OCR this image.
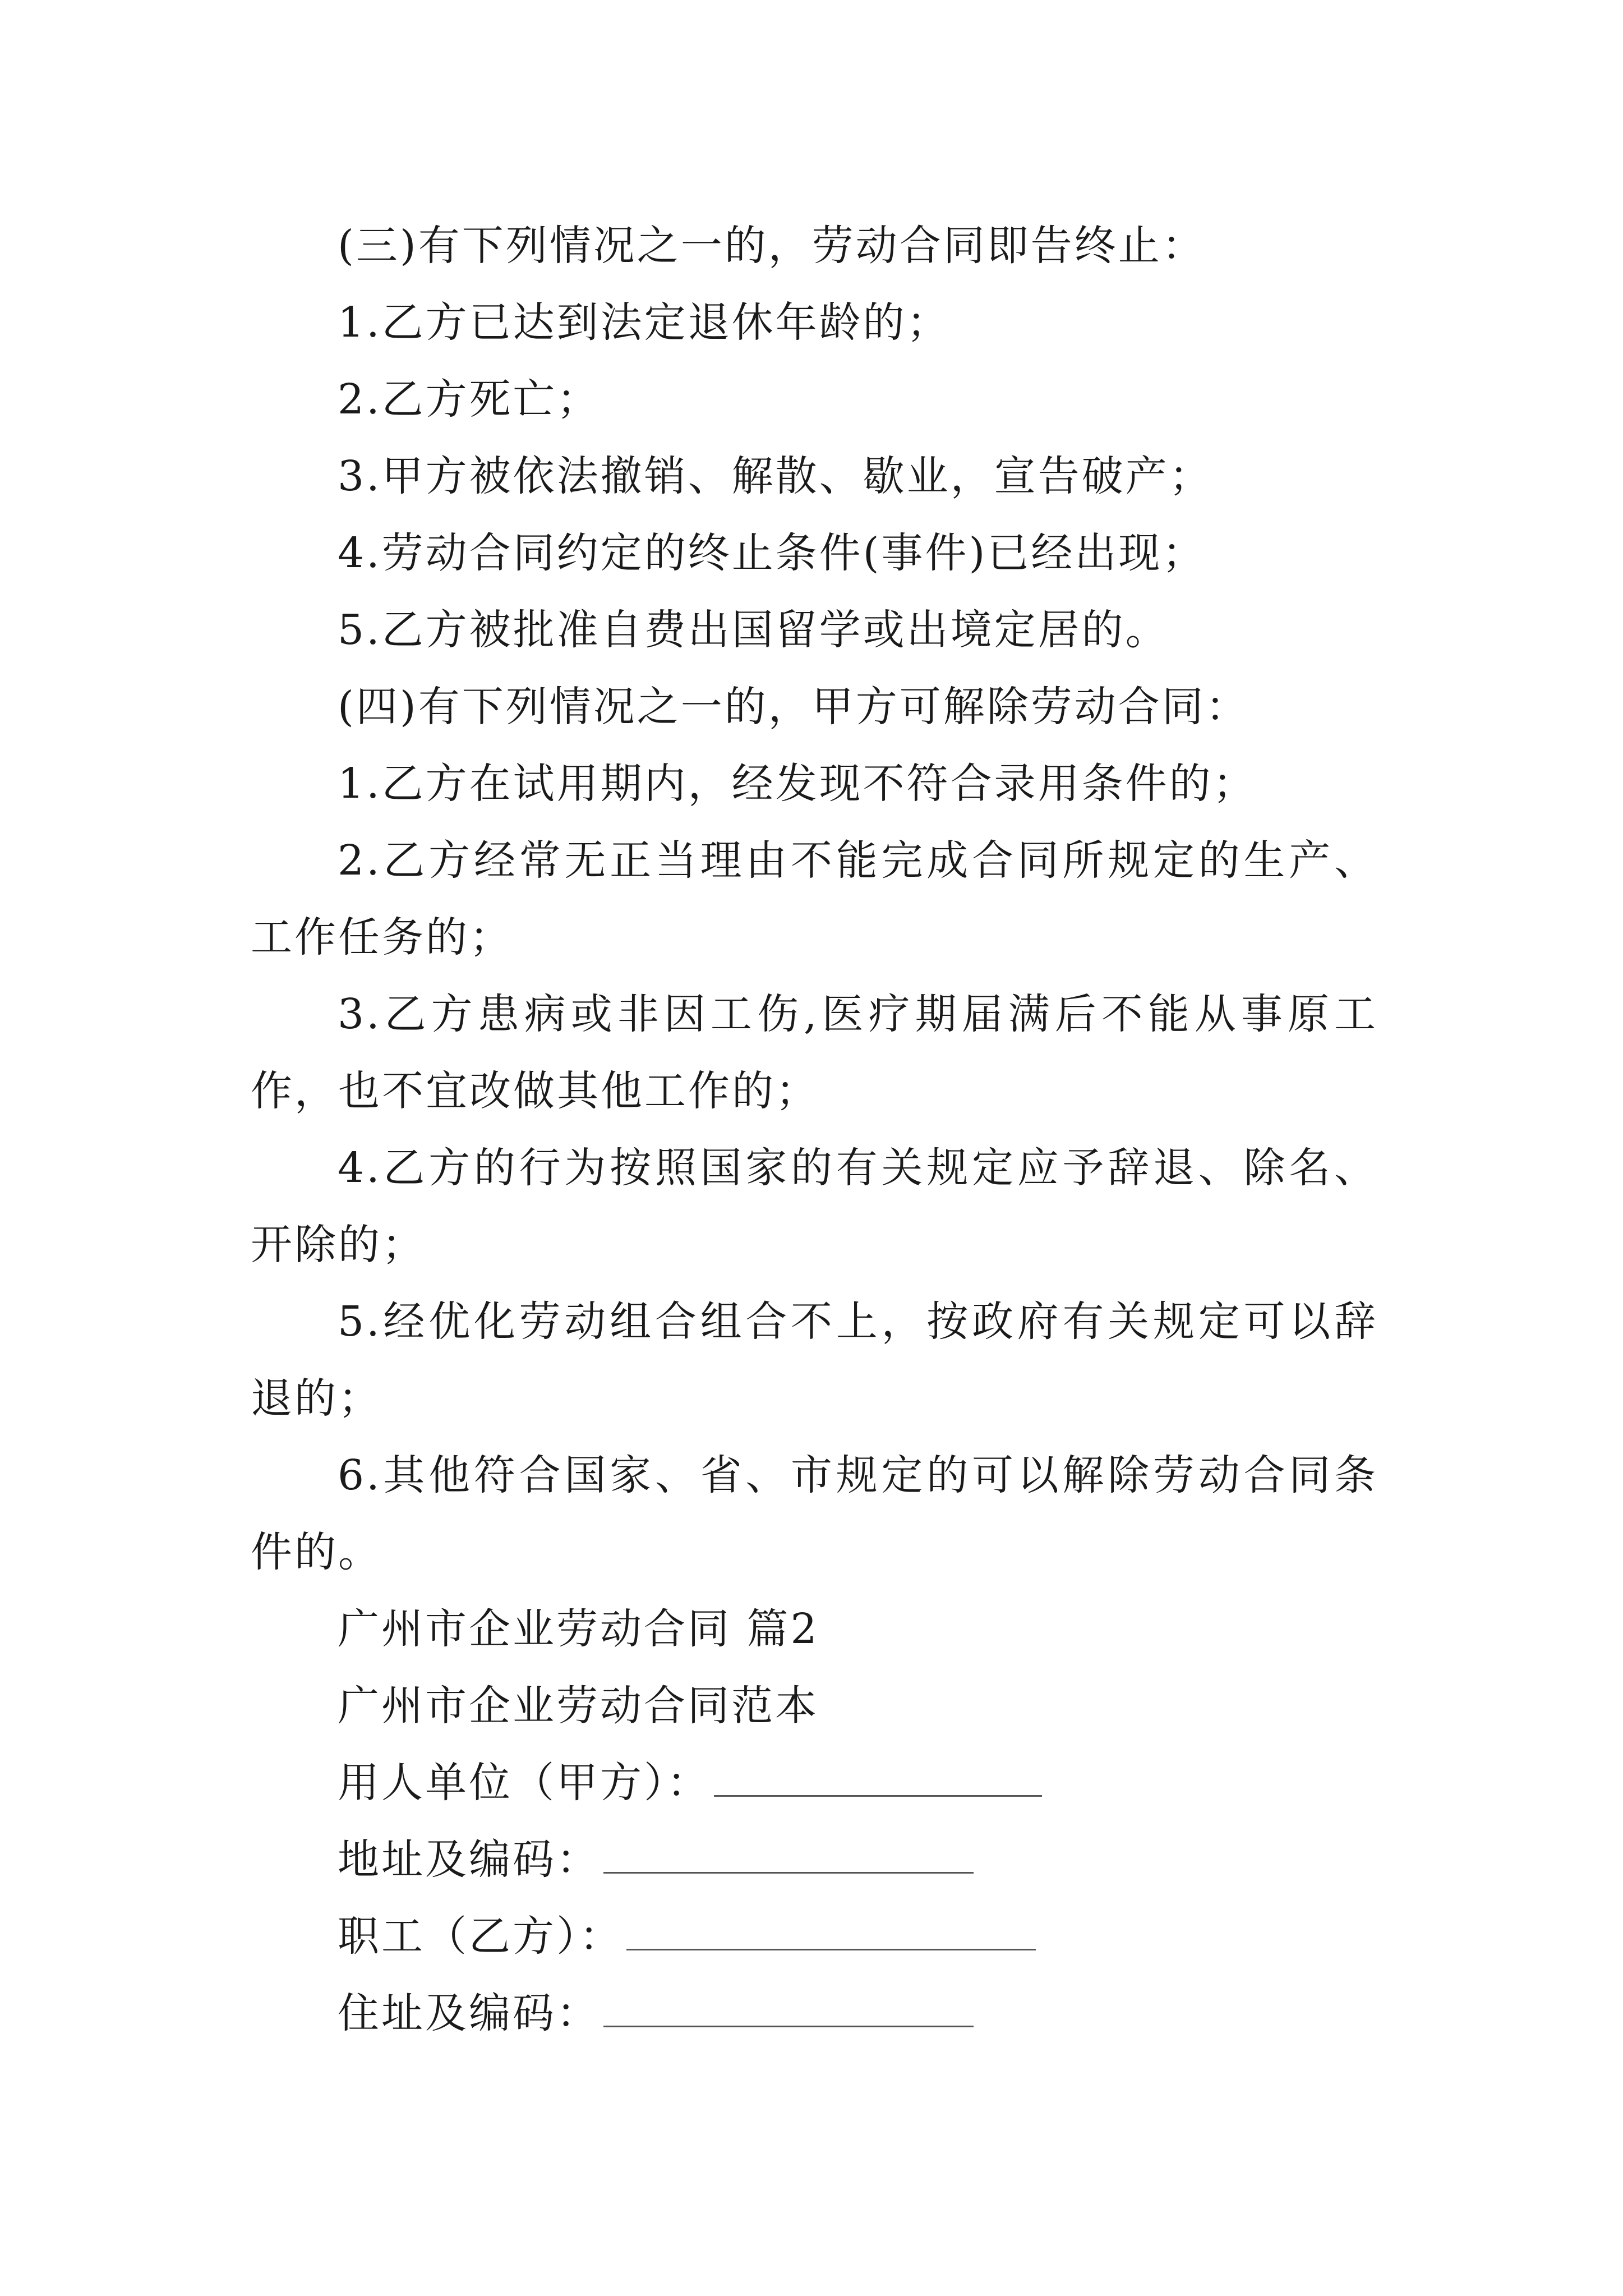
(三)有下列情况之一的，劳动合同即告终止：
1.乙方已达到法定退休年龄的；
2.乙方死亡；
3.甲方被依法撤销、解散、歇业，宣告破产；
4.劳动合同约定的终止条件(事件)已经出现；
5.乙方被批准自费出国留学或出境定居的。
(四)有下列情况之一的，甲方可解除劳动合同：
1.乙方在试用期内，经发现不符合录用条件的；
2.乙方经常无正当理由不能完成合同所规定的生产、工作任务的；
3.乙方患病或非因工伤,医疗期届满后不能从事原工作，也不宜改做其他工作的；
4.乙方的行为按照国家的有关规定应予辞退、除名、开除的；
5.经优化劳动组合组合不上，按政府有关规定可以辞退的；
6.其他符合国家、省、市规定的可以解除劳动合同条件的。
广州市企业劳动合同 篇2
广州市企业劳动合同范本
用人单位（甲方）：
地址及编码：
职工（乙方）：
住址及编码：
